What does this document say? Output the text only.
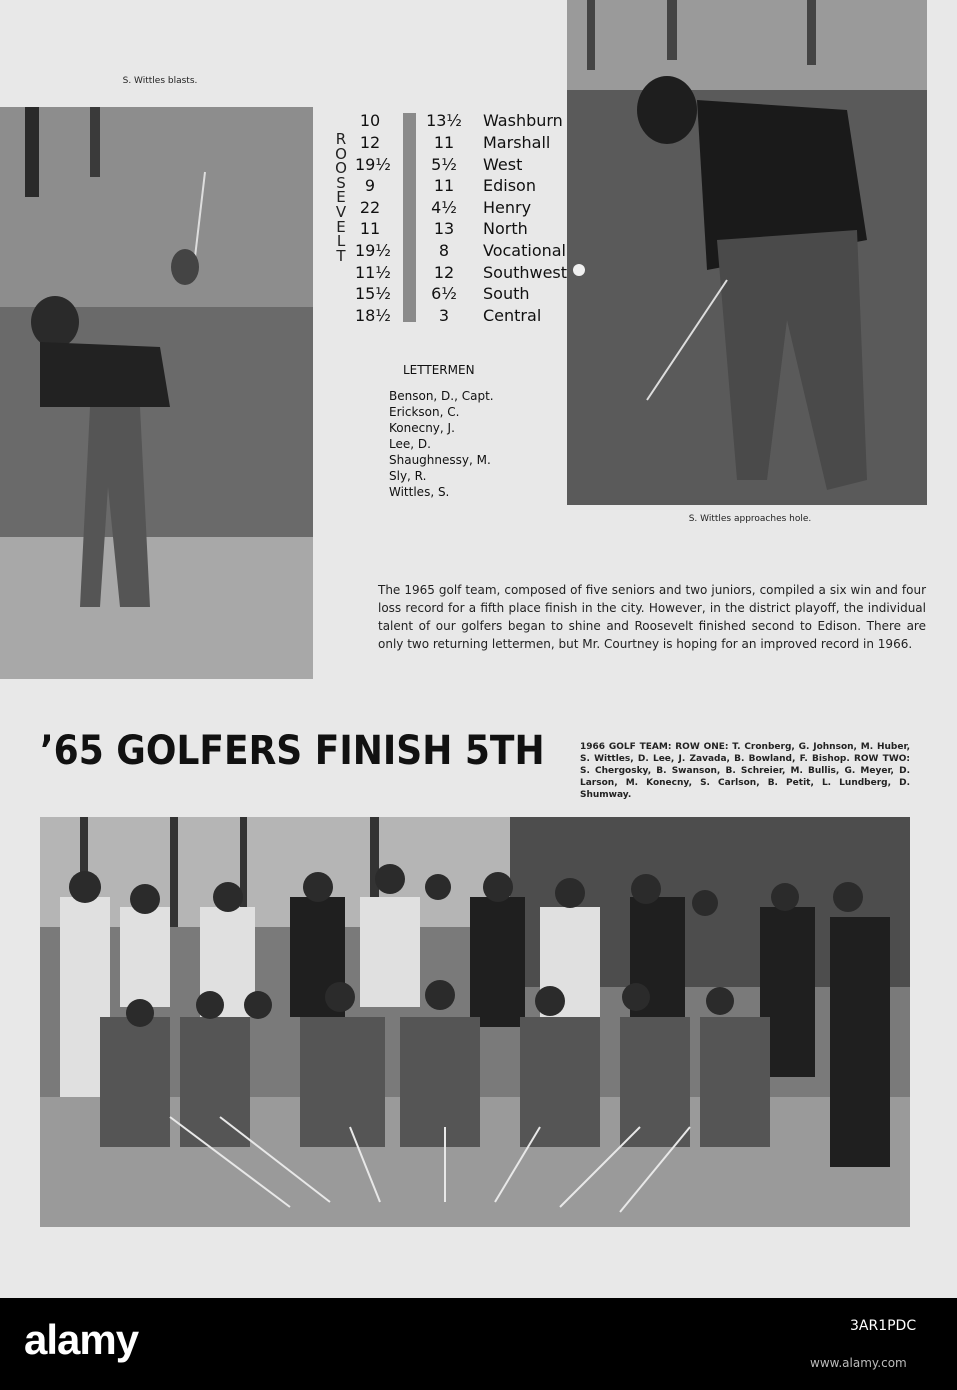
S. Wittles blasts.
S. Wittles approaches hole.
R
O
O
S
E
V
E
L
T
10	13½ Washburn
12	11	Marshall
19½	5½	West
9	11	Edison
22	4½	Henry
11	13	North
19½	8	Vocational
11½	12	Southwest
15½	6½	South
18½	3	Central
LETTERMEN
Benson, D., Capt.
Erickson, C.
Konecny, J.
Lee, D.
Shaughnessy, M.
Sly, R.
Wittles, S.

The 1965 golf team, composed of five seniors and two juniors, compiled a six win and four loss record for a fifth place finish in the city. However, in the district playoff, the individual talent of our golfers began to shine and Roosevelt finished second to Edison. There are only two returning lettermen, but Mr. Courtney is hoping for an improved record in 1966.

’65 GOLFERS FINISH 5TH	1966 GOLF TEAM: ROW ONE: T. Cronberg, G. Johnson, M. Huber, S. Wittles, D. Lee, J. Zavada, B. Bowland, F. Bishop. ROW TWO: S. Chergosky, B. Swanson, B. Schreier, M. Bullis, G. Meyer, D. Larson, M. Konecny, S. Carlson, B. Petit, L. Lundberg, D. Shumway.

alamy	3AR1PDC
www.alamy.com
